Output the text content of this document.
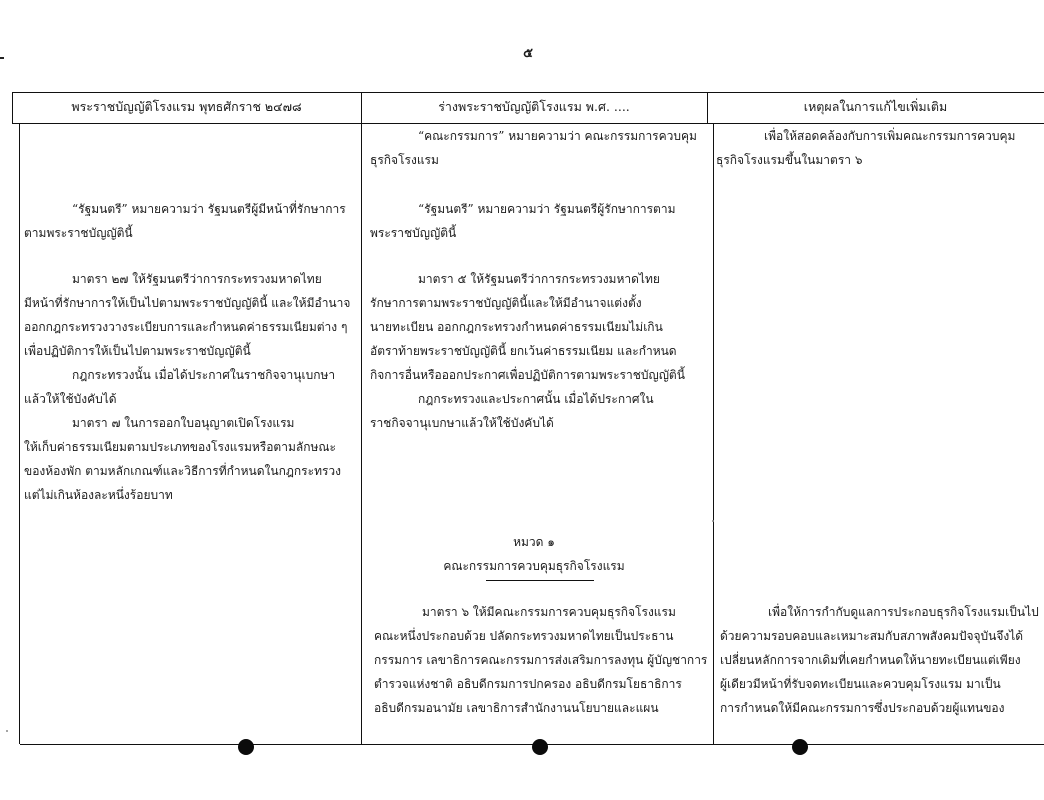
๕
พระราชบัญญัติโรงแรม พุทธศักราช ๒๔๗๘	ร่างพระราชบัญญัติโรงแรม พ.ศ. ....	เหตุผลในการแก้ไขเพิ่มเติม

“รัฐมนตรี” หมายความว่า รัฐมนตรีผู้มีหน้าที่รักษาการ

ตามพระราชบัญญัตินี้

มาตรา ๒๗ ให้รัฐมนตรีว่าการกระทรวงมหาดไทย

มีหน้าที่รักษาการให้เป็นไปตามพระราชบัญญัตินี้ และให้มีอำนาจ

ออกกฎกระทรวงวางระเบียบการและกำหนดค่าธรรมเนียมต่าง ๆ

เพื่อปฏิบัติการให้เป็นไปตามพระราชบัญญัตินี้

กฎกระทรวงนั้น เมื่อได้ประกาศในราชกิจจานุเบกษา

แล้วให้ใช้บังคับได้

มาตรา ๗ ในการออกใบอนุญาตเปิดโรงแรม

ให้เก็บค่าธรรมเนียมตามประเภทของโรงแรมหรือตามลักษณะ

ของห้องพัก ตามหลักเกณฑ์และวิธีการที่กำหนดในกฎกระทรวง

แต่ไม่เกินห้องละหนึ่งร้อยบาท

“คณะกรรมการ” หมายความว่า คณะกรรมการควบคุม

ธุรกิจโรงแรม

“รัฐมนตรี” หมายความว่า รัฐมนตรีผู้รักษาการตาม

พระราชบัญญัตินี้

มาตรา ๕ ให้รัฐมนตรีว่าการกระทรวงมหาดไทย

รักษาการตามพระราชบัญญัตินี้และให้มีอำนาจแต่งตั้ง

นายทะเบียน ออกกฎกระทรวงกำหนดค่าธรรมเนียมไม่เกิน

อัตราท้ายพระราชบัญญัตินี้ ยกเว้นค่าธรรมเนียม และกำหนด

กิจการอื่นหรือออกประกาศเพื่อปฏิบัติการตามพระราชบัญญัตินี้

กฎกระทรวงและประกาศนั้น เมื่อได้ประกาศใน

ราชกิจจานุเบกษาแล้วให้ใช้บังคับได้

หมวด ๑

คณะกรรมการควบคุมธุรกิจโรงแรม

มาตรา ๖ ให้มีคณะกรรมการควบคุมธุรกิจโรงแรม

คณะหนึ่งประกอบด้วย ปลัดกระทรวงมหาดไทยเป็นประธาน

กรรมการ เลขาธิการคณะกรรมการส่งเสริมการลงทุน ผู้บัญชาการ

ตำรวจแห่งชาติ อธิบดีกรมการปกครอง อธิบดีกรมโยธาธิการ

อธิบดีกรมอนามัย เลขาธิการสำนักงานนโยบายและแผน

เพื่อให้สอดคล้องกับการเพิ่มคณะกรรมการควบคุม

ธุรกิจโรงแรมขึ้นในมาตรา ๖

เพื่อให้การกำกับดูแลการประกอบธุรกิจโรงแรมเป็นไป

ด้วยความรอบคอบและเหมาะสมกับสภาพสังคมปัจจุบันจึงได้

เปลี่ยนหลักการจากเดิมที่เคยกำหนดให้นายทะเบียนแต่เพียง

ผู้เดียวมีหน้าที่รับจดทะเบียนและควบคุมโรงแรม มาเป็น

การกำหนดให้มีคณะกรรมการซึ่งประกอบด้วยผู้แทนของ
